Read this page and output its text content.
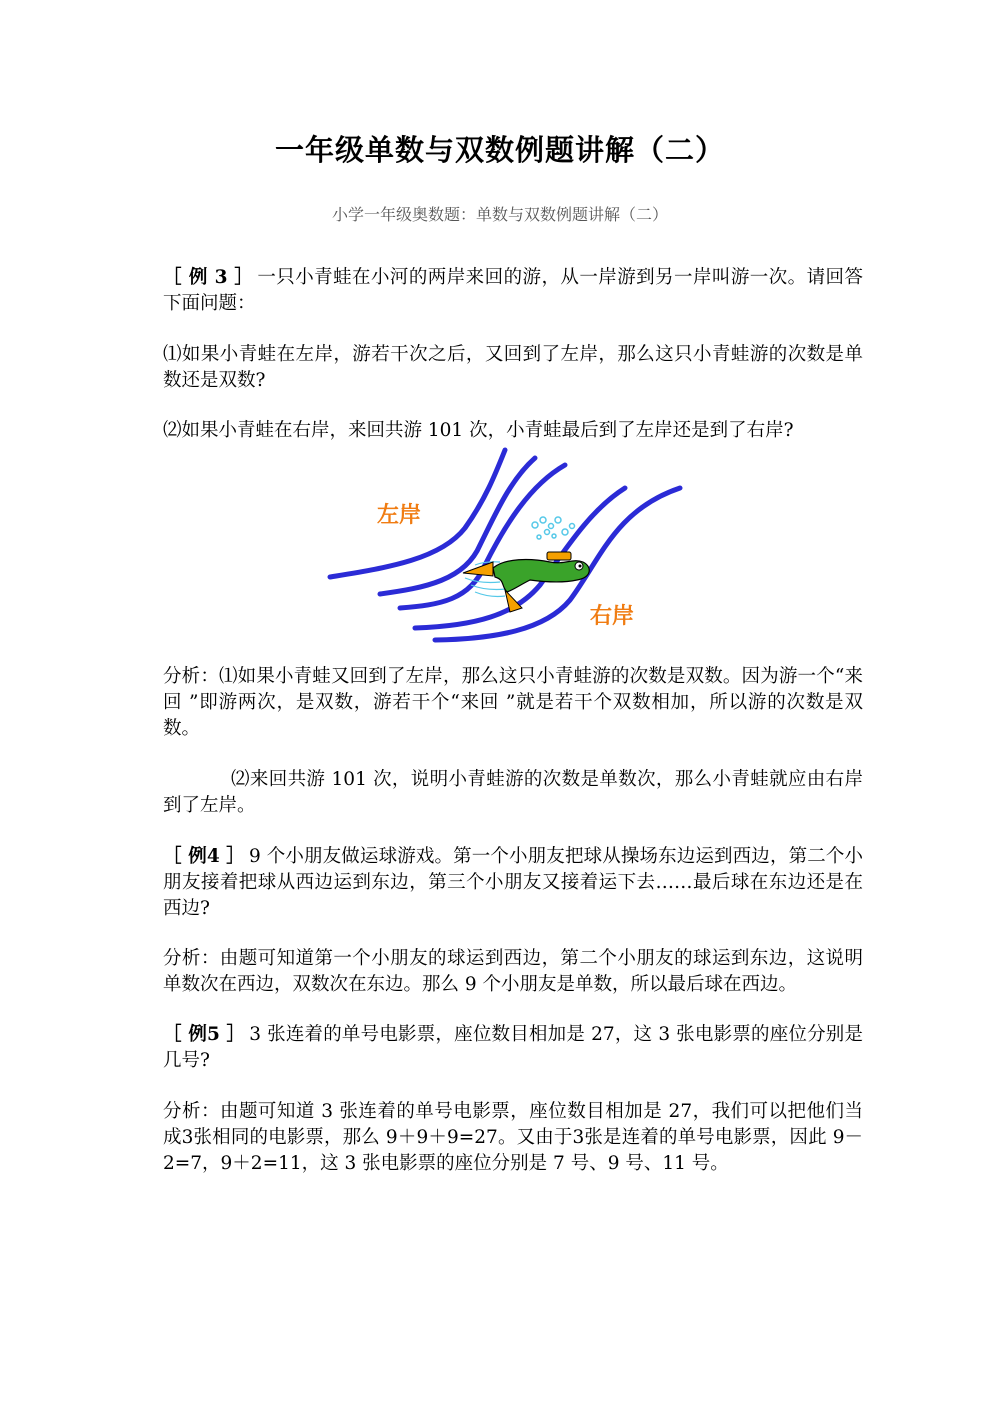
一年级单数与双数例题讲解（二）
小学一年级奥数题：单数与双数例题讲解（二）

［ 例 3 ］ 一只小青蛙在小河的两岸来回的游，从一岸游到另一岸叫游一次。请回答下面问题：

⑴如果小青蛙在左岸，游若干次之后，又回到了左岸，那么这只小青蛙游的次数是单数还是双数?

⑵如果小青蛙在右岸，来回共游 101 次，小青蛙最后到了左岸还是到了右岸?

左岸
右岸

分析：⑴如果小青蛙又回到了左岸，那么这只小青蛙游的次数是双数。因为游一个“来回 ”即游两次，是双数，游若干个“来回 ”就是若干个双数相加，所以游的次数是双数。

⑵来回共游 101 次，说明小青蛙游的次数是单数次，那么小青蛙就应由右岸到了左岸。

［ 例4 ］ 9 个小朋友做运球游戏。第一个小朋友把球从操场东边运到西边，第二个小朋友接着把球从西边运到东边，第三个小朋友又接着运下去……最后球在东边还是在西边?

分析：由题可知道第一个小朋友的球运到西边，第二个小朋友的球运到东边，这说明单数次在西边，双数次在东边。那么 9 个小朋友是单数，所以最后球在西边。

［ 例5 ］ 3 张连着的单号电影票，座位数目相加是 27，这 3 张电影票的座位分别是几号?

分析：由题可知道 3 张连着的单号电影票，座位数目相加是 27，我们可以把他们当成3张相同的电影票，那么 9＋9＋9=27。又由于3张是连着的单号电影票，因此 9－2=7，9＋2=11，这 3 张电影票的座位分别是 7 号、9 号、11 号。
